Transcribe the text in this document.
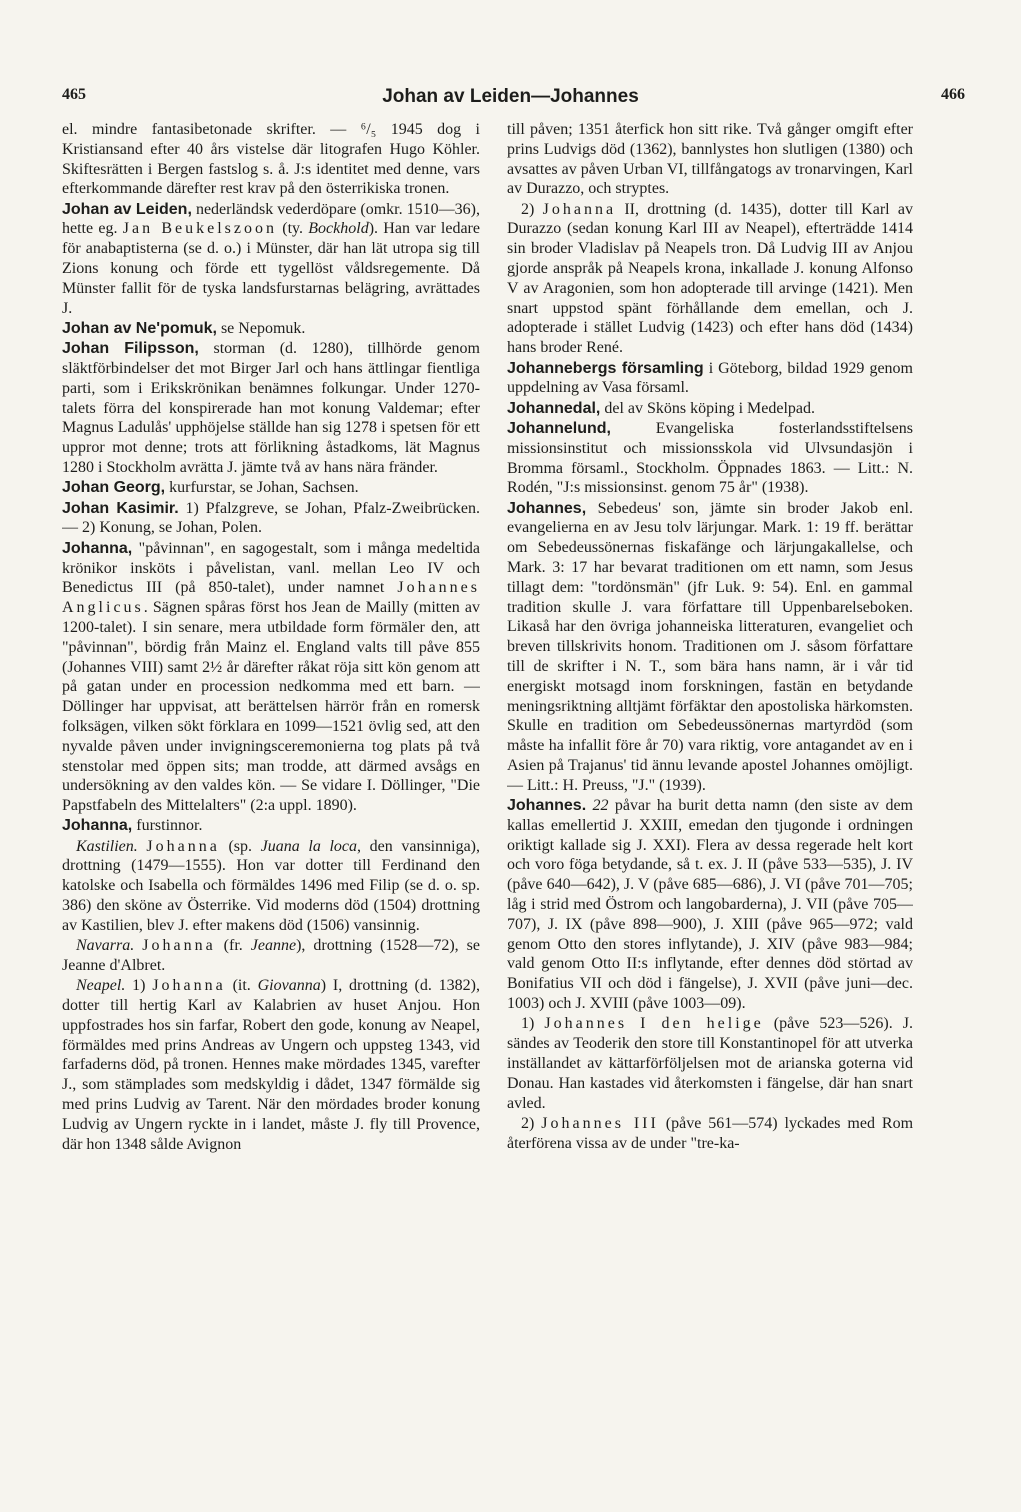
465	Johan av Leiden—Johannes	466

el. mindre fantasibetonade skrifter. — ⁶/₅ 1945 dog i Kristiansand efter 40 års vistelse där litografen Hugo Köhler. Skiftesrätten i Bergen fastslog s. å. J:s identitet med denne, vars efterkommande därefter rest krav på den österrikiska tronen.

Johan av Leiden, nederländsk vederdöpare (omkr. 1510—36), hette eg. Jan Beukelszoon (ty. Bockhold). Han var ledare för anabaptisterna (se d. o.) i Münster, där han lät utropa sig till Zions konung och förde ett tygellöst våldsregemente. Då Münster fallit för de tyska landsfurstarnas belägring, avrättades J.

Johan av Ne'pomuk, se Nepomuk.

Johan Filipsson, storman (d. 1280), tillhörde genom släktförbindelser det mot Birger Jarl och hans ättlingar fientliga parti, som i Erikskrönikan benämnes folkungar. Under 1270-talets förra del konspirerade han mot konung Valdemar; efter Magnus Ladulås' upphöjelse ställde han sig 1278 i spetsen för ett uppror mot denne; trots att förlikning åstadkoms, lät Magnus 1280 i Stockholm avrätta J. jämte två av hans nära fränder.

Johan Georg, kurfurstar, se Johan, Sachsen.

Johan Kasimir. 1) Pfalzgreve, se Johan, Pfalz-Zweibrücken. — 2) Konung, se Johan, Polen.

Johanna, "påvinnan", en sagogestalt, som i många medeltida krönikor insköts i påvelistan, vanl. mellan Leo IV och Benedictus III (på 850-talet), under namnet Johannes Anglicus. Sägnen spåras först hos Jean de Mailly (mitten av 1200-talet). I sin senare, mera utbildade form förmäler den, att "påvinnan", bördig från Mainz el. England valts till påve 855 (Johannes VIII) samt 2½ år därefter råkat röja sitt kön genom att på gatan under en procession nedkomma med ett barn. — Döllinger har uppvisat, att berättelsen härrör från en romersk folksägen, vilken sökt förklara en 1099—1521 övlig sed, att den nyvalde påven under invigningsceremonierna tog plats på två stenstolar med öppen sits; man trodde, att därmed avsågs en undersökning av den valdes kön. — Se vidare I. Döllinger, "Die Papstfabeln des Mittelalters" (2:a uppl. 1890).

Johanna, furstinnor.

Kastilien. Johanna (sp. Juana la loca, den vansinniga), drottning (1479—1555). Hon var dotter till Ferdinand den katolske och Isabella och förmäldes 1496 med Filip (se d. o. sp. 386) den sköne av Österrike. Vid moderns död (1504) drottning av Kastilien, blev J. efter makens död (1506) vansinnig.

Navarra. Johanna (fr. Jeanne), drottning (1528—72), se Jeanne d'Albret.

Neapel. 1) Johanna (it. Giovanna) I, drottning (d. 1382), dotter till hertig Karl av Kalabrien av huset Anjou. Hon uppfostrades hos sin farfar, Robert den gode, konung av Neapel, förmäldes med prins Andreas av Ungern och uppsteg 1343, vid farfaderns död, på tronen. Hennes make mördades 1345, varefter J., som stämplades som medskyldig i dådet, 1347 förmälde sig med prins Ludvig av Tarent. När den mördades broder konung Ludvig av Ungern ryckte in i landet, måste J. fly till Provence, där hon 1348 sålde Avignon

till påven; 1351 återfick hon sitt rike. Två gånger omgift efter prins Ludvigs död (1362), bannlystes hon slutligen (1380) och avsattes av påven Urban VI, tillfångatogs av tronarvingen, Karl av Durazzo, och stryptes.

2) Johanna II, drottning (d. 1435), dotter till Karl av Durazzo (sedan konung Karl III av Neapel), efterträdde 1414 sin broder Vladislav på Neapels tron. Då Ludvig III av Anjou gjorde anspråk på Neapels krona, inkallade J. konung Alfonso V av Aragonien, som hon adopterade till arvinge (1421). Men snart uppstod spänt förhållande dem emellan, och J. adopterade i stället Ludvig (1423) och efter hans död (1434) hans broder René.

Johannebergs församling i Göteborg, bildad 1929 genom uppdelning av Vasa församl.

Johannedal, del av Sköns köping i Medelpad.

Johannelund, Evangeliska fosterlandsstiftelsens missionsinstitut och missionsskola vid Ulvsundasjön i Bromma församl., Stockholm. Öppnades 1863. — Litt.: N. Rodén, "J:s missionsinst. genom 75 år" (1938).

Johannes, Sebedeus' son, jämte sin broder Jakob enl. evangelierna en av Jesu tolv lärjungar. Mark. 1: 19 ff. berättar om Sebedeussönernas fiskafänge och lärjungakallelse, och Mark. 3: 17 har bevarat traditionen om ett namn, som Jesus tillagt dem: "tordönsmän" (jfr Luk. 9: 54). Enl. en gammal tradition skulle J. vara författare till Uppenbarelseboken. Likaså har den övriga johanneiska litteraturen, evangeliet och breven tillskrivits honom. Traditionen om J. såsom författare till de skrifter i N. T., som bära hans namn, är i vår tid energiskt motsagd inom forskningen, fastän en betydande meningsriktning alltjämt förfäktar den apostoliska härkomsten. Skulle en tradition om Sebedeussönernas martyrdöd (som måste ha infallit före år 70) vara riktig, vore antagandet av en i Asien på Trajanus' tid ännu levande apostel Johannes omöjligt. — Litt.: H. Preuss, "J." (1939).

Johannes. 22 påvar ha burit detta namn (den siste av dem kallas emellertid J. XXIII, emedan den tjugonde i ordningen oriktigt kallade sig J. XXI). Flera av dessa regerade helt kort och voro föga betydande, så t. ex. J. II (påve 533—535), J. IV (påve 640—642), J. V (påve 685—686), J. VI (påve 701—705; låg i strid med Östrom och langobarderna), J. VII (påve 705—707), J. IX (påve 898—900), J. XIII (påve 965—972; vald genom Otto den stores inflytande), J. XIV (påve 983—984; vald genom Otto II:s inflytande, efter dennes död störtad av Bonifatius VII och död i fängelse), J. XVII (påve juni—dec. 1003) och J. XVIII (påve 1003—09).

1) Johannes I den helige (påve 523—526). J. sändes av Teoderik den store till Konstantinopel för att utverka inställandet av kättarförföljelsen mot de arianska goterna vid Donau. Han kastades vid återkomsten i fängelse, där han snart avled.

2) Johannes III (påve 561—574) lyckades med Rom återförena vissa av de under "tre-ka-
